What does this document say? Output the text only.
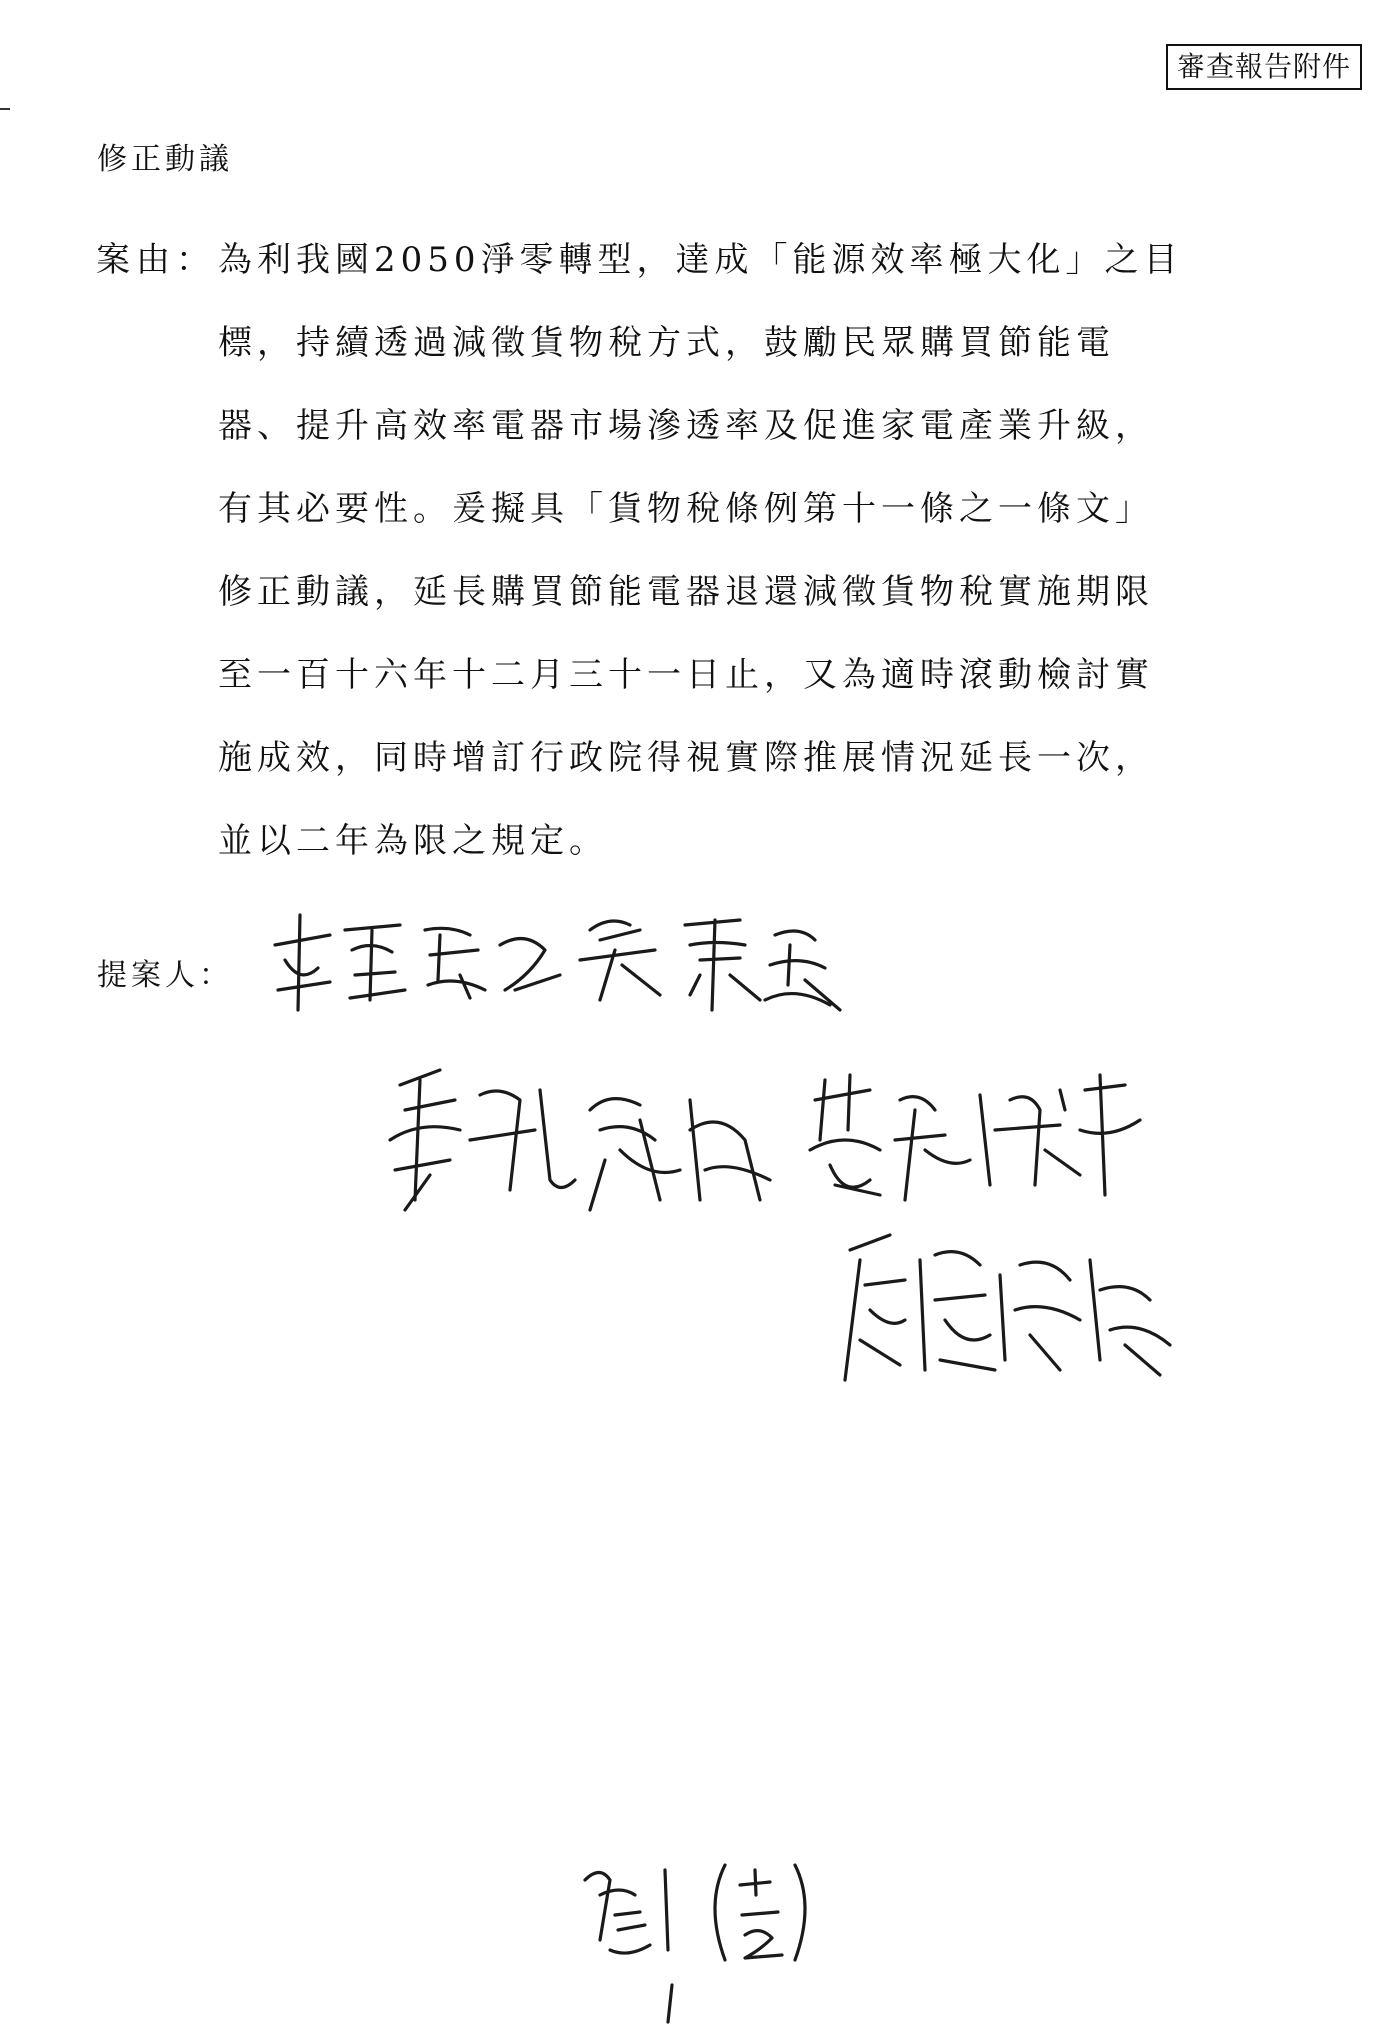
審查報告附件
修正動議
案由： 為利我國2050淨零轉型，達成「能源效率極大化」之目
標，持續透過減徵貨物稅方式，鼓勵民眾購買節能電
器、提升高效率電器市場滲透率及促進家電產業升級，
有其必要性。爰擬具「貨物稅條例第十一條之一條文」
修正動議，延長購買節能電器退還減徵貨物稅實施期限
至一百十六年十二月三十一日止，又為適時滾動檢討實
施成效，同時增訂行政院得視實際推展情況延長一次，
並以二年為限之規定。
提案人：
